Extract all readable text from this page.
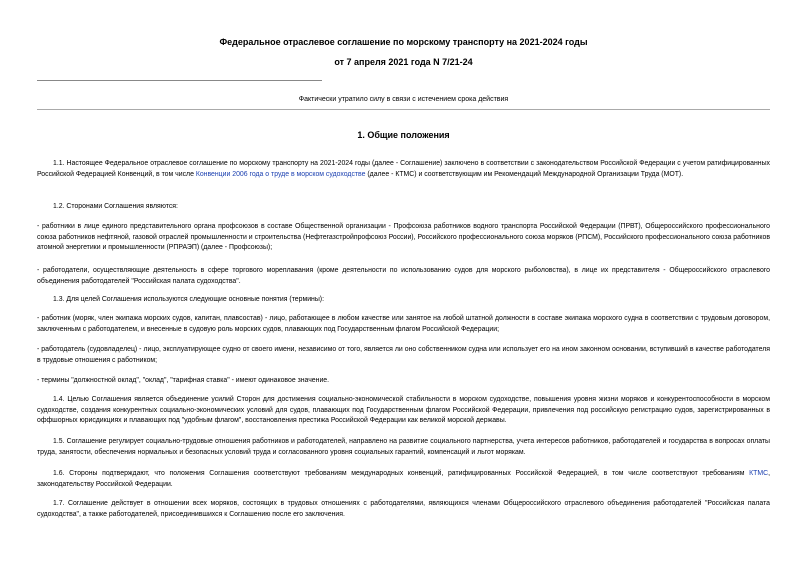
Федеральное отраслевое соглашение по морскому транспорту на 2021-2024 годы
от 7 апреля 2021 года N 7/21-24
Фактически утратило силу в связи с истечением срока действия
1. Общие положения
1.1. Настоящее Федеральное отраслевое соглашение по морскому транспорту на 2021-2024 годы (далее - Соглашение) заключено в соответствии с законодательством Российской Федерации с учетом ратифицированных Российской Федерацией Конвенций, в том числе Конвенции 2006 года о труде в морском судоходстве (далее - КТМС) и соответствующим им Рекомендаций Международной Организации Труда (МОТ).
1.2. Сторонами Соглашения являются:
- работники в лице единого представительного органа профсоюзов в составе Общественной организации - Профсоюза работников водного транспорта Российской Федерации (ПРВТ), Общероссийского профессионального союза работников нефтяной, газовой отраслей промышленности и строительства (Нефтегазстройпрофсоюз России), Российского профессионального союза моряков (РПСМ), Российского профессионального союза работников атомной энергетики и промышленности (РПРАЭП) (далее - Профсоюзы);
- работодатели, осуществляющие деятельность в сфере торгового мореплавания (кроме деятельности по использованию судов для морского рыболовства), в лице их представителя - Общероссийского отраслевого объединения работодателей "Российская палата судоходства".
1.3. Для целей Соглашения используются следующие основные понятия (термины):
- работник (моряк, член экипажа морских судов, капитан, плавсостав) - лицо, работающее в любом качестве или занятое на любой штатной должности в составе экипажа морского судна в соответствии с трудовым договором, заключенным с работодателем, и внесенные в судовую роль морских судов, плавающих под Государственным флагом Российской Федерации;
- работодатель (судовладелец) - лицо, эксплуатирующее судно от своего имени, независимо от того, является ли оно собственником судна или использует его на ином законном основании, вступивший в качестве работодателя в трудовые отношения с работником;
- термины "должностной оклад", "оклад", "тарифная ставка" - имеют одинаковое значение.
1.4. Целью Соглашения является объединение усилий Сторон для достижения социально-экономической стабильности в морском судоходстве, повышения уровня жизни моряков и конкурентоспособности в морском судоходстве, создания конкурентных социально-экономических условий для судов, плавающих под Государственным флагом Российской Федерации, привлечения под российскую регистрацию судов, зарегистрированных в оффшорных юрисдикциях и плавающих под "удобным флагом", восстановления престижа Российской Федерации как великой морской державы.
1.5. Соглашение регулирует социально-трудовые отношения работников и работодателей, направлено на развитие социального партнерства, учета интересов работников, работодателей и государства в вопросах оплаты труда, занятости, обеспечения нормальных и безопасных условий труда и согласованного уровня социальных гарантий, компенсаций и льгот морякам.
1.6. Стороны подтверждают, что положения Соглашения соответствуют требованиям международных конвенций, ратифицированных Российской Федерацией, в том числе соответствуют требованиям КТМС, законодательству Российской Федерации.
1.7. Соглашение действует в отношении всех моряков, состоящих в трудовых отношениях с работодателями, являющихся членами Общероссийского отраслевого объединения работодателей "Российская палата судоходства", а также работодателей, присоединившихся к Соглашению после его заключения.
